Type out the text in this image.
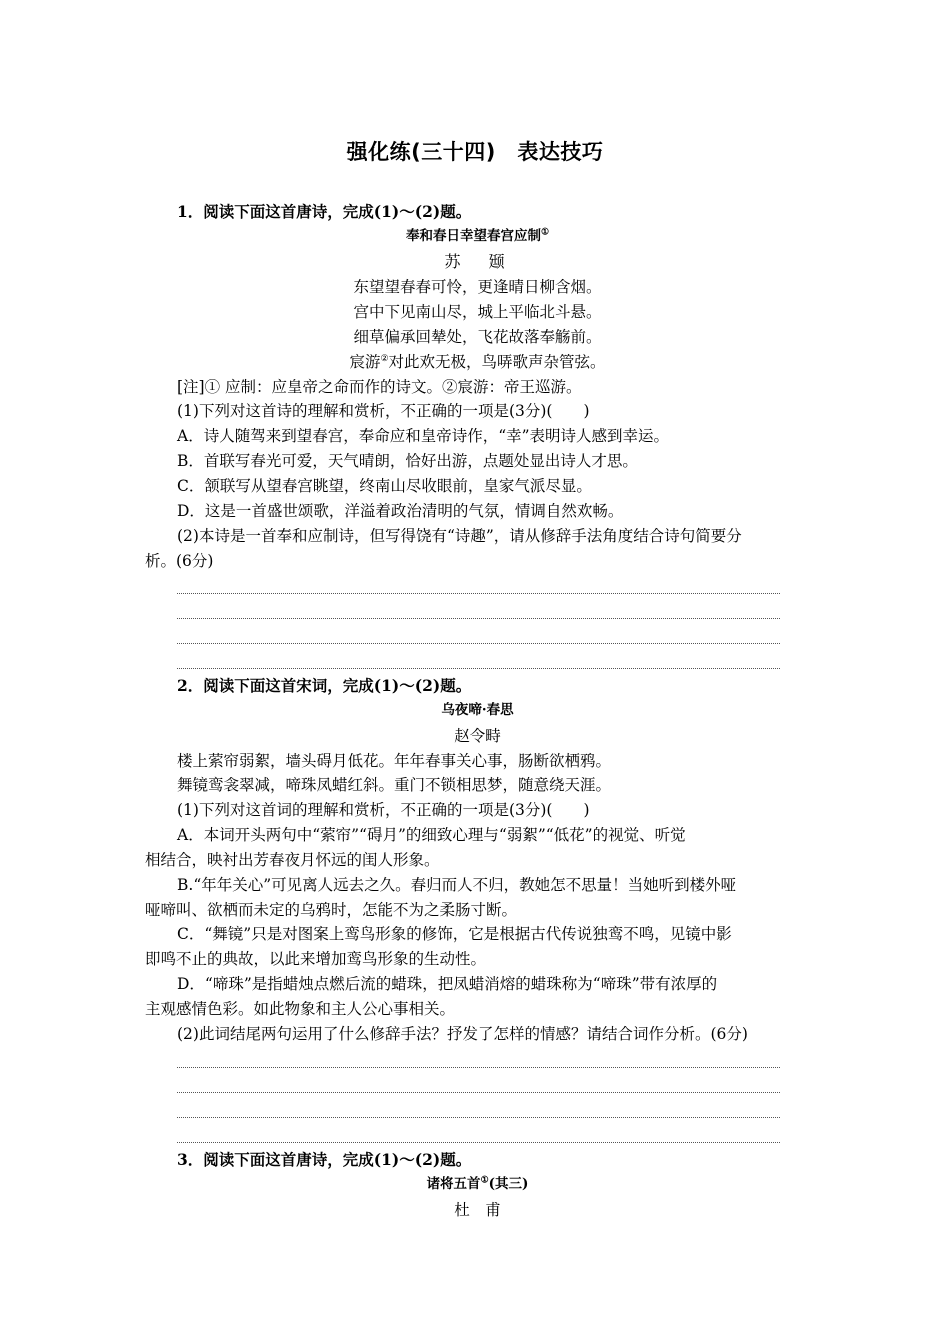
强化练(三十四)　表达技巧
1．阅读下面这首唐诗，完成(1)～(2)题。
奉和春日幸望春宫应制①
苏　颋
东望望春春可怜，更逢晴日柳含烟。
宫中下见南山尽，城上平临北斗悬。
细草偏承回辇处，飞花故落奉觞前。
宸游②对此欢无极，鸟哢歌声杂管弦。
[注]① 应制：应皇帝之命而作的诗文。②宸游：帝王巡游。
(1)下列对这首诗的理解和赏析，不正确的一项是(3分)(　　)
A．诗人随驾来到望春宫，奉命应和皇帝诗作，“幸”表明诗人感到幸运。
B．首联写春光可爱，天气晴朗，恰好出游，点题处显出诗人才思。
C．颔联写从望春宫眺望，终南山尽收眼前，皇家气派尽显。
D．这是一首盛世颂歌，洋溢着政治清明的气氛，情调自然欢畅。
(2)本诗是一首奉和应制诗，但写得饶有“诗趣”，请从修辞手法角度结合诗句简要分
析。(6分)
2．阅读下面这首宋词，完成(1)～(2)题。
乌夜啼·春思
赵令畤
楼上萦帘弱絮，墙头碍月低花。年年春事关心事，肠断欲栖鸦。
舞镜鸾衾翠减，啼珠凤蜡红斜。重门不锁相思梦，随意绕天涯。
(1)下列对这首词的理解和赏析，不正确的一项是(3分)(　　)
A．本词开头两句中“萦帘”“碍月”的细致心理与“弱絮”“低花”的视觉、听觉
相结合，映衬出芳春夜月怀远的闺人形象。
B.“年年关心”可见离人远去之久。春归而人不归，教她怎不思量！当她听到楼外哑
哑啼叫、欲栖而未定的乌鸦时，怎能不为之柔肠寸断。
C．“舞镜”只是对图案上鸾鸟形象的修饰，它是根据古代传说独鸾不鸣，见镜中影
即鸣不止的典故，以此来增加鸾鸟形象的生动性。
D．“啼珠”是指蜡烛点燃后流的蜡珠，把凤蜡消熔的蜡珠称为“啼珠”带有浓厚的
主观感情色彩。如此物象和主人公心事相关。
(2)此词结尾两句运用了什么修辞手法？抒发了怎样的情感？请结合词作分析。(6分)
3．阅读下面这首唐诗，完成(1)～(2)题。
诸将五首①(其三)
杜　甫
